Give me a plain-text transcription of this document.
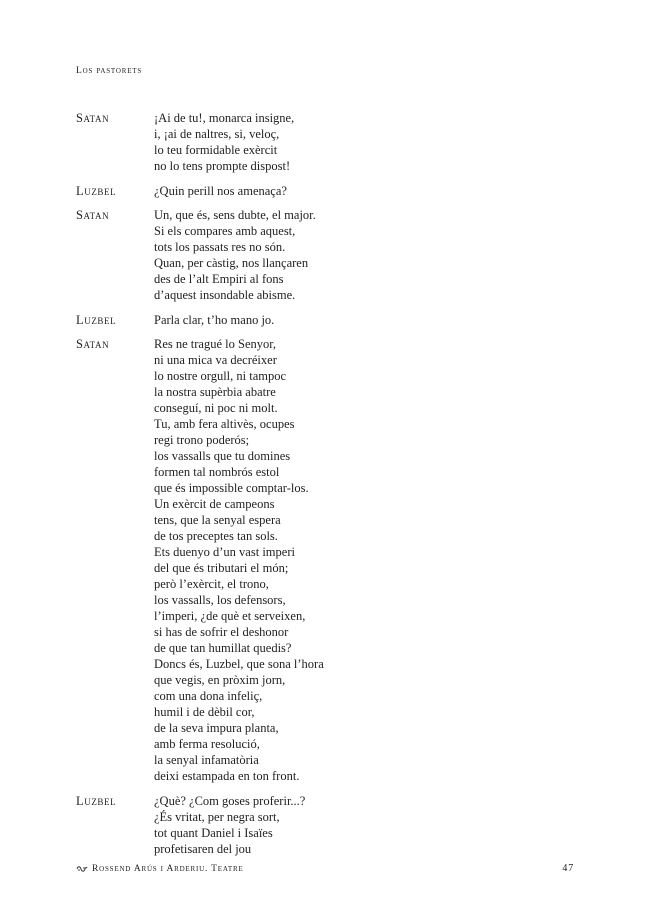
Los pastorets
Satan	¡Ai de tu!, monarca insigne,
i, ¡ai de naltres, si, veloç,
lo teu formidable exèrcit
no lo tens prompte dispost!
Luzbel	¿Quin perill nos amenaça?
Satan	Un, que és, sens dubte, el major.
Si els compares amb aquest,
tots los passats res no són.
Quan, per càstig, nos llançaren
des de l’alt Empiri al fons
d’aquest insondable abisme.
Luzbel	Parla clar, t’ho mano jo.
Satan	Res ne tragué lo Senyor,
ni una mica va decréixer
lo nostre orgull, ni tampoc
la nostra supèrbia abatre
conseguí, ni poc ni molt.
Tu, amb fera altivès, ocupes
regi trono poderós;
los vassalls que tu domines
formen tal nombrós estol
que és impossible comptar-los.
Un exèrcit de campeons
tens, que la senyal espera
de tos preceptes tan sols.
Ets duenyo d’un vast imperi
del que és tributari el món;
però l’exèrcit, el trono,
los vassalls, los defensors,
l’imperi, ¿de què et serveixen,
si has de sofrir el deshonor
de que tan humillat quedis?
Doncs és, Luzbel, que sona l’hora
que vegis, en pròxim jorn,
com una dona infeliç,
humil i de dèbil cor,
de la seva impura planta,
amb ferma resolució,
la senyal infamatòria
deixi estampada en ton front.
Luzbel	¿Què? ¿Com goses proferir...?
¿És vritat, per negra sort,
tot quant Daniel i Isaïes
profetisaren del jou
Rossend Arús i Arderiu. Teatre	47
